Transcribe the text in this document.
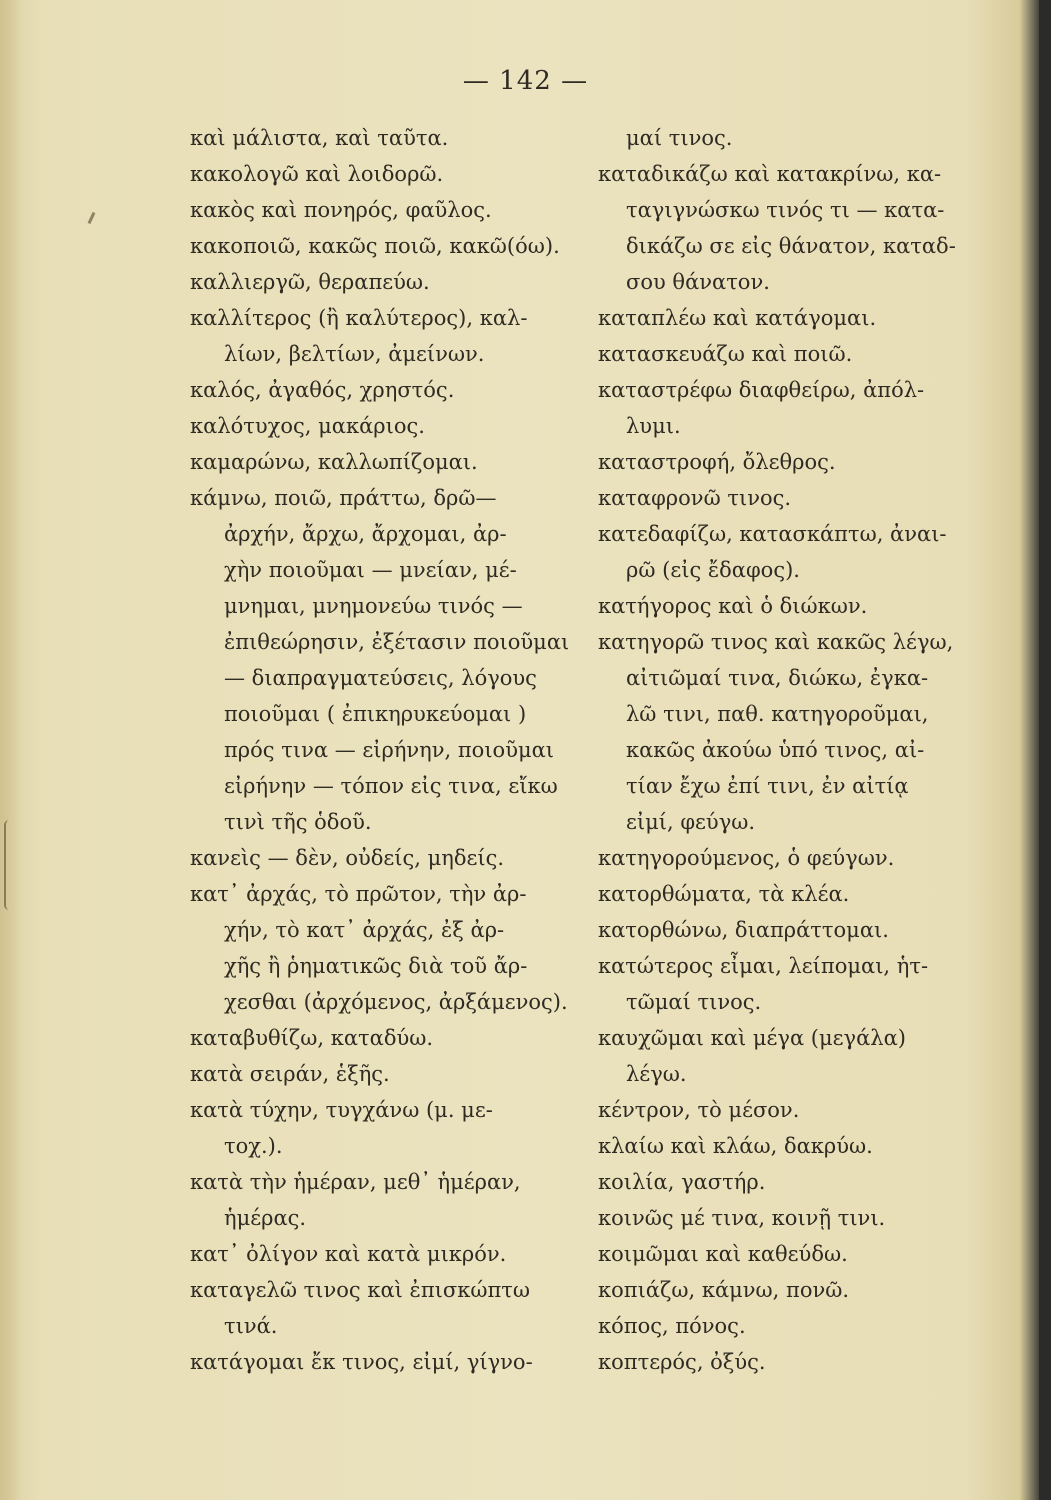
— 142 —
καὶ μάλιστα, καὶ ταῦτα.
κακολογῶ καὶ λοιδορῶ.
κακὸς καὶ πονηρός, φαῦλος.
κακοποιῶ, κακῶς ποιῶ, κακῶ(όω).
καλλιεργῶ, θεραπεύω.
καλλίτερος (ἢ καλύτερος), καλ-
λίων, βελτίων, ἀμείνων.
καλός, ἀγαθός, χρηστός.
καλότυχος, μακάριος.
καμαρώνω, καλλωπίζομαι.
κάμνω, ποιῶ, πράττω, δρῶ—
ἀρχήν, ἄρχω, ἄρχομαι, ἀρ-
χὴν ποιοῦμαι — μνείαν, μέ-
μνημαι, μνημονεύω τινός —
ἐπιθεώρησιν, ἐξέτασιν ποιοῦμαι
— διαπραγματεύσεις, λόγους
ποιοῦμαι ( ἐπικηρυκεύομαι )
πρός τινα — εἰρήνην, ποιοῦμαι
εἰρήνην — τόπον εἰς τινα, εἴκω
τινὶ τῆς ὁδοῦ.
κανεὶς — δὲν, οὐδείς, μηδείς.
κατ᾽ ἀρχάς, τὸ πρῶτον, τὴν ἀρ-
χήν, τὸ κατ᾽ ἀρχάς, ἐξ ἀρ-
χῆς ἢ ῥηματικῶς διὰ τοῦ ἄρ-
χεσθαι (ἀρχόμενος, ἀρξάμενος).
καταβυθίζω, καταδύω.
κατὰ σειράν, ἑξῆς.
κατὰ τύχην, τυγχάνω (μ. με-
τοχ.).
κατὰ τὴν ἡμέραν, μεθ᾽ ἡμέραν,
ἡμέρας.
κατ᾽ ὀλίγον καὶ κατὰ μικρόν.
καταγελῶ τινος καὶ ἐπισκώπτω
τινά.
κατάγομαι ἔκ τινος, εἰμί, γίγνο-
μαί τινος.
καταδικάζω καὶ κατακρίνω, κα-
ταγιγνώσκω τινός τι — κατα-
δικάζω σε εἰς θάνατον, καταδ-
σου θάνατον.
καταπλέω καὶ κατάγομαι.
κατασκευάζω καὶ ποιῶ.
καταστρέφω διαφθείρω, ἀπόλ-
λυμι.
καταστροφή, ὄλεθρος.
καταφρονῶ τινος.
κατεδαφίζω, κατασκάπτω, ἀναι-
ρῶ (εἰς ἔδαφος).
κατήγορος καὶ ὁ διώκων.
κατηγορῶ τινος καὶ κακῶς λέγω,
αἰτιῶμαί τινα, διώκω, ἐγκα-
λῶ τινι, παθ. κατηγοροῦμαι,
κακῶς ἀκούω ὑπό τινος, αἰ-
τίαν ἔχω ἐπί τινι, ἐν αἰτίᾳ
εἰμί, φεύγω.
κατηγορούμενος, ὁ φεύγων.
κατορθώματα, τὰ κλέα.
κατορθώνω, διαπράττομαι.
κατώτερος εἶμαι, λείπομαι, ἡτ-
τῶμαί τινος.
καυχῶμαι καὶ μέγα (μεγάλα)
λέγω.
κέντρον, τὸ μέσον.
κλαίω καὶ κλάω, δακρύω.
κοιλία, γαστήρ.
κοινῶς μέ τινα, κοινῇ τινι.
κοιμῶμαι καὶ καθεύδω.
κοπιάζω, κάμνω, πονῶ.
κόπος, πόνος.
κοπτερός, ὀξύς.
